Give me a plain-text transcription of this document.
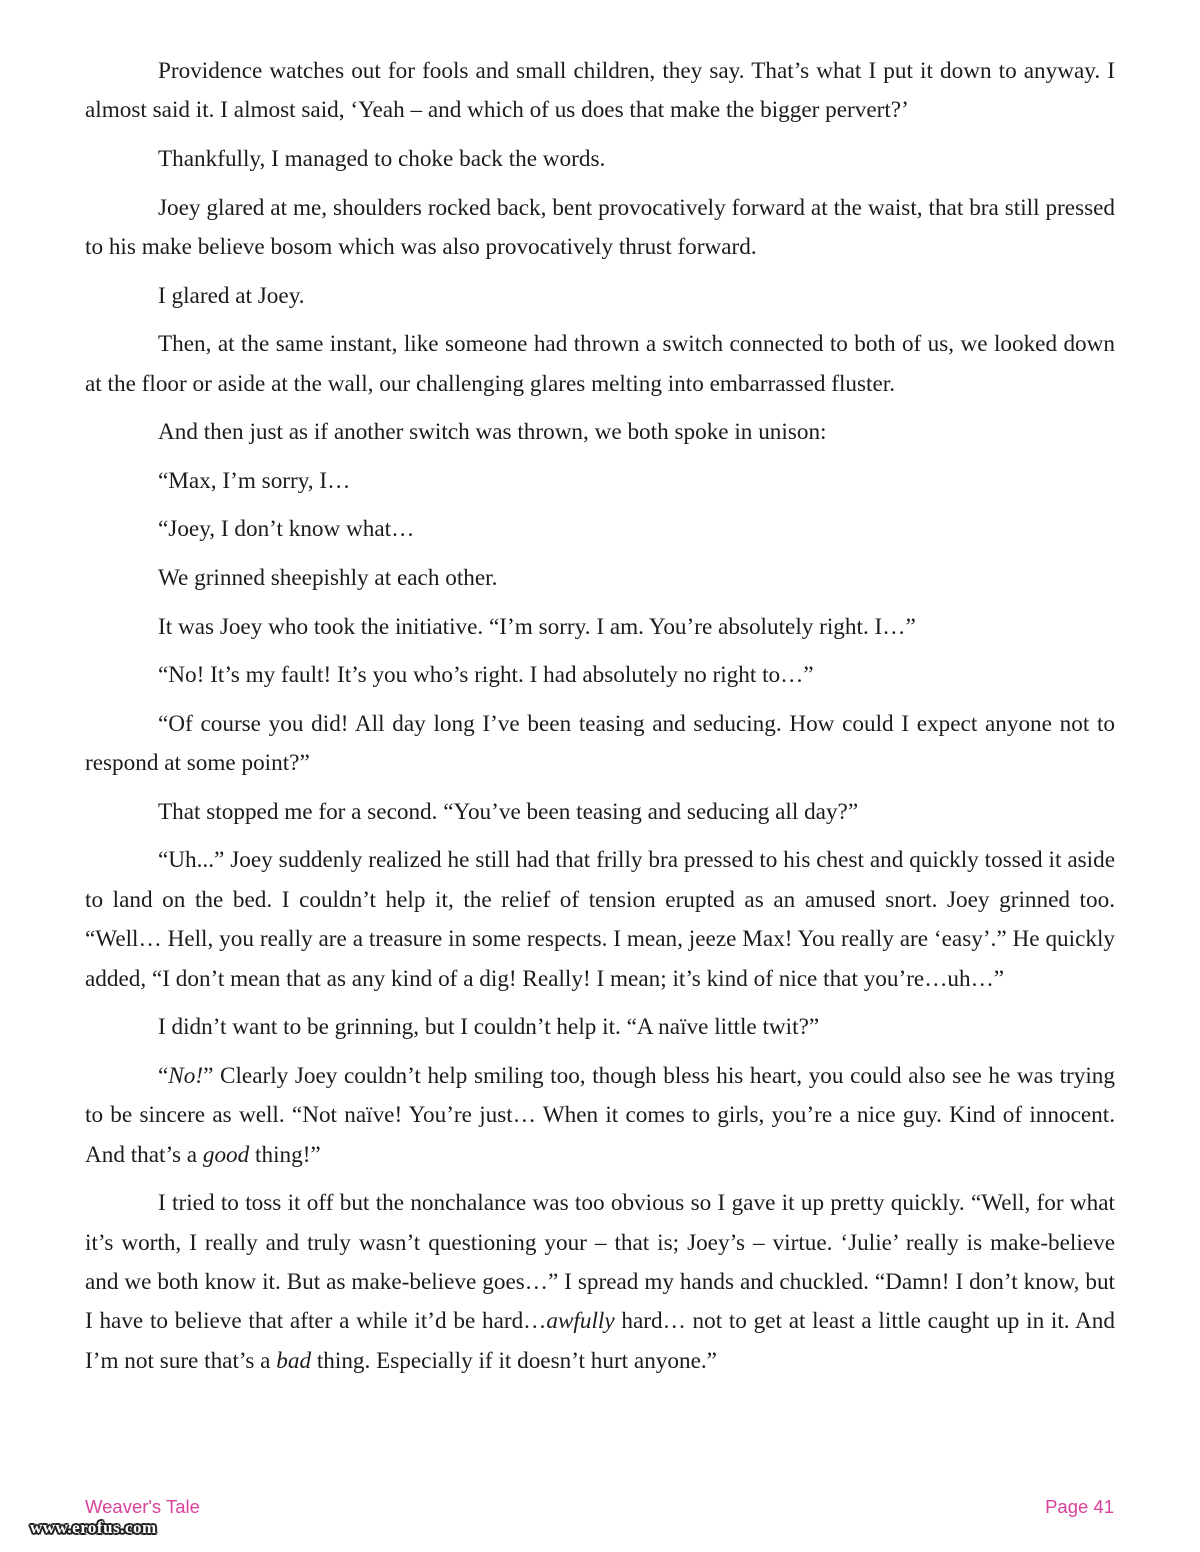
Providence watches out for fools and small children, they say. That’s what I put it down to anyway. I almost said it. I almost said, ‘Yeah – and which of us does that make the bigger pervert?’

Thankfully, I managed to choke back the words.

Joey glared at me, shoulders rocked back, bent provocatively forward at the waist, that bra still pressed to his make believe bosom which was also provocatively thrust forward.

I glared at Joey.

Then, at the same instant, like someone had thrown a switch connected to both of us, we looked down at the floor or aside at the wall, our challenging glares melting into embarrassed fluster.

And then just as if another switch was thrown, we both spoke in unison:

“Max, I’m sorry, I…

“Joey, I don’t know what…

We grinned sheepishly at each other.

It was Joey who took the initiative. “I’m sorry. I am. You’re absolutely right. I…”

“No! It’s my fault! It’s you who’s right. I had absolutely no right to…”

“Of course you did! All day long I’ve been teasing and seducing. How could I expect anyone not to respond at some point?”

That stopped me for a second. “You’ve been teasing and seducing all day?”

“Uh...” Joey suddenly realized he still had that frilly bra pressed to his chest and quickly tossed it aside to land on the bed. I couldn’t help it, the relief of tension erupted as an amused snort. Joey grinned too. “Well… Hell, you really are a treasure in some respects. I mean, jeeze Max! You really are ‘easy’.” He quickly added, “I don’t mean that as any kind of a dig! Really! I mean; it’s kind of nice that you’re…uh…”

I didn’t want to be grinning, but I couldn’t help it. “A naïve little twit?”

“No!” Clearly Joey couldn’t help smiling too, though bless his heart, you could also see he was trying to be sincere as well. “Not naïve! You’re just… When it comes to girls, you’re a nice guy. Kind of innocent. And that’s a good thing!”

I tried to toss it off but the nonchalance was too obvious so I gave it up pretty quickly. “Well, for what it’s worth, I really and truly wasn’t questioning your – that is; Joey’s – virtue. ‘Julie’ really is make-believe and we both know it. But as make-believe goes…” I spread my hands and chuckled. “Damn! I don’t know, but I have to believe that after a while it’d be hard…awfully hard… not to get at least a little caught up in it. And I’m not sure that’s a bad thing. Especially if it doesn’t hurt anyone.”

Weaver's Tale	Page 41
www.erofus.com
